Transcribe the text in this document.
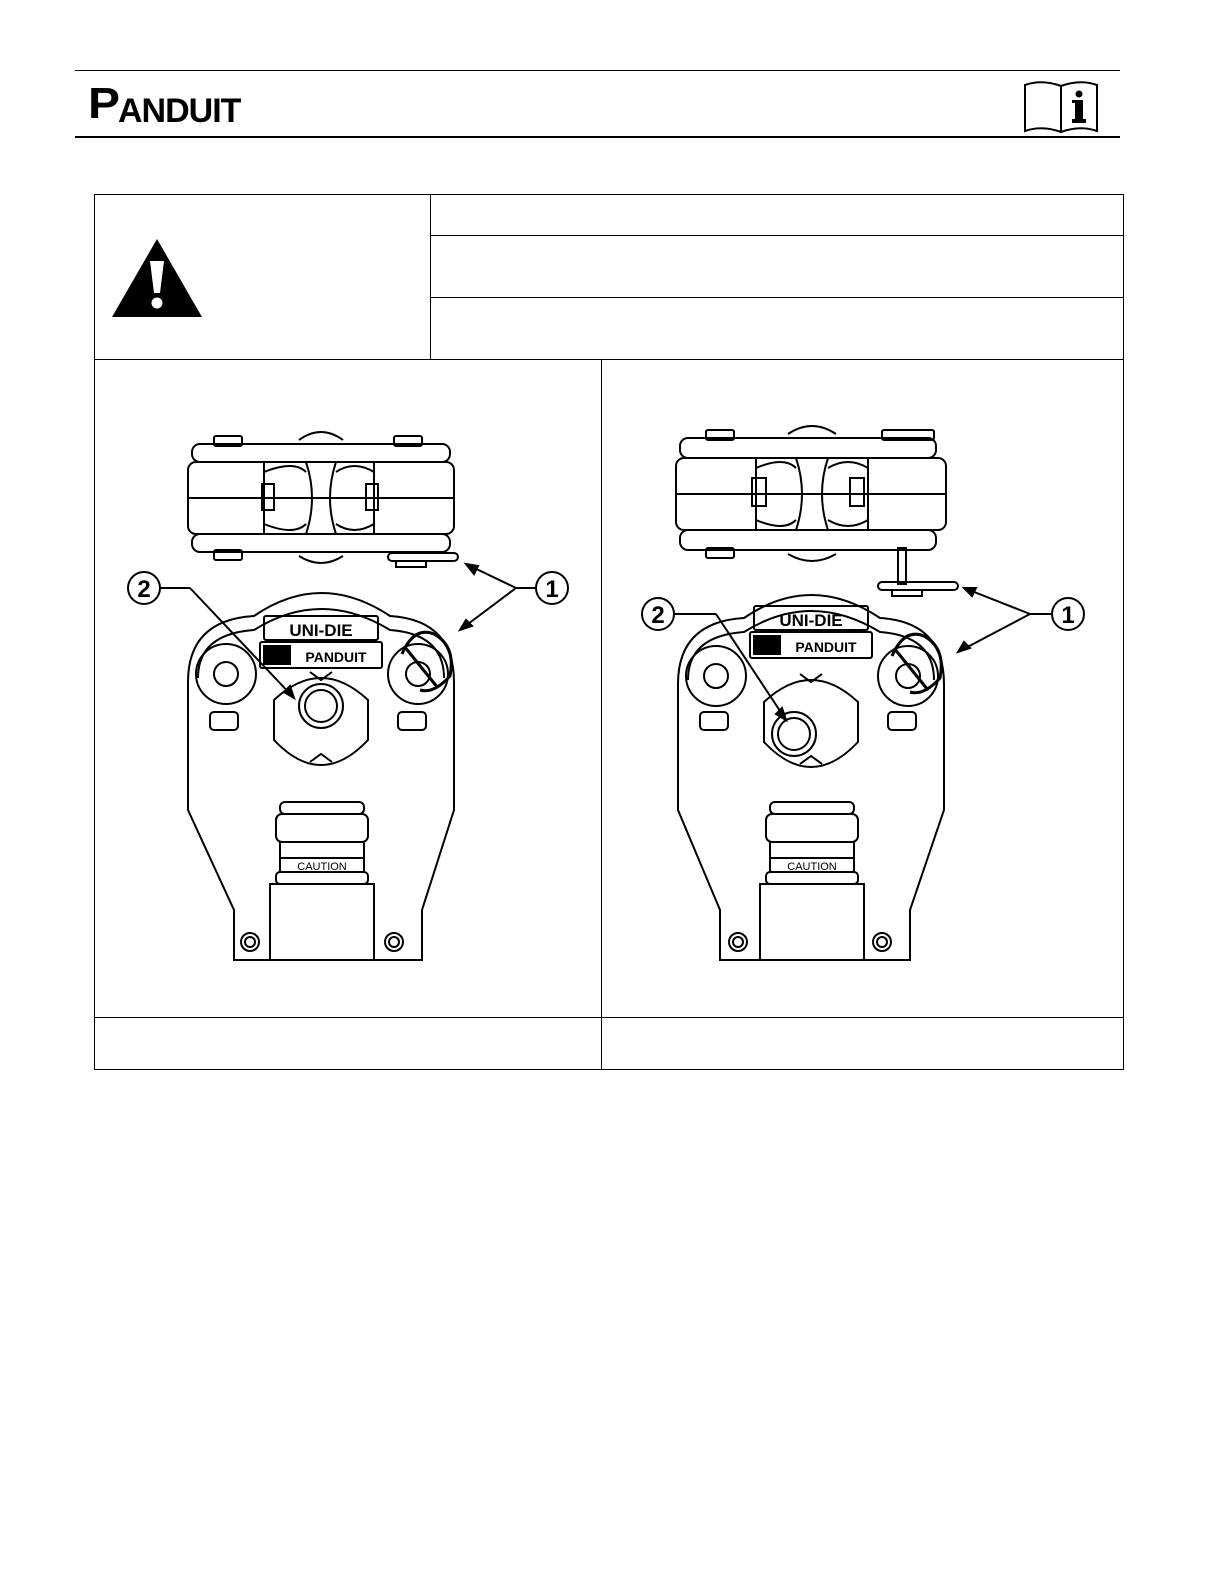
P
ANDUIT
1
2
UNI-DIE
PANDUIT
CAUTION
1
2	UNI-DIE
PANDUIT
CAUTION
